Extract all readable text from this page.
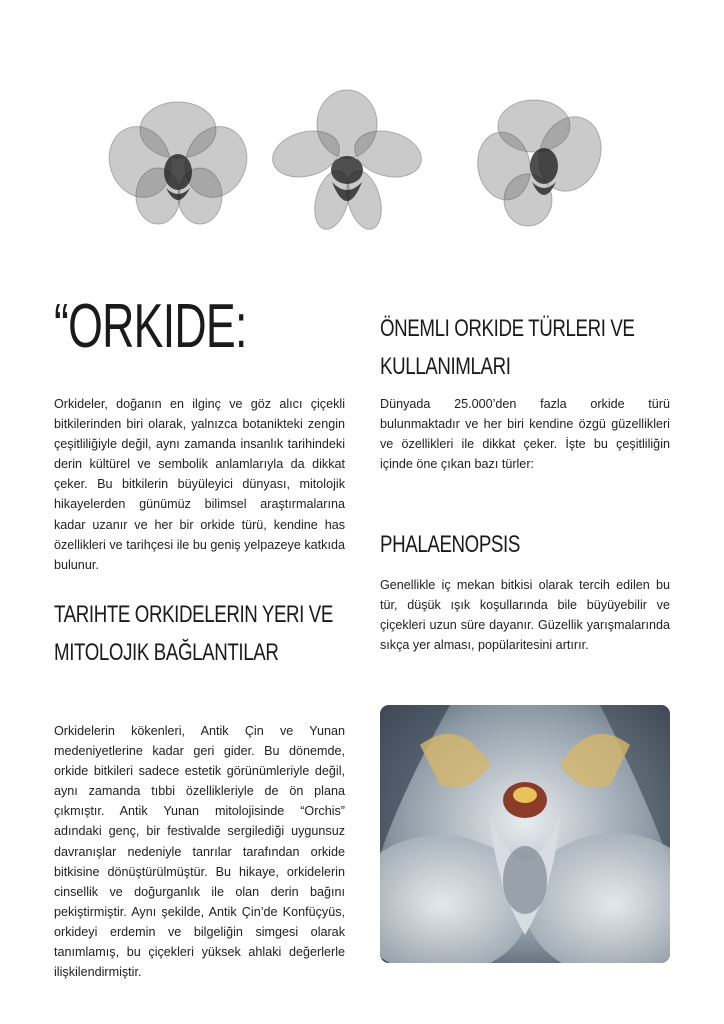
“ORKIDE:

Orkideler, doğanın en ilginç ve göz alıcı çiçekli bitkilerinden biri olarak, yalnızca botanikteki zengin çeşitliliğiyle değil, aynı zamanda insanlık tarihindeki derin kültürel ve sembolik anlamlarıyla da dikkat çeker. Bu bitkilerin büyüleyici dünyası, mitolojik hikayelerden günümüz bilimsel araştırmalarına kadar uzanır ve her bir orkide türü, kendine has özellikleri ve tarihçesi ile bu geniş yelpazeye katkıda bulunur.

TARIHTE ORKIDELERIN YERI VE MITOLOJIK BAĞLANTILAR

Orkidelerin kökenleri, Antik Çin ve Yunan medeniyetlerine kadar geri gider. Bu dönemde, orkide bitkileri sadece estetik görünümleriyle değil, aynı zamanda tıbbi özellikleriyle de ön plana çıkmıştır. Antik Yunan mitolojisinde “Orchis” adındaki genç, bir festivalde sergilediği uygunsuz davranışlar nedeniyle tanrılar tarafından orkide bitkisine dönüştürülmüştür. Bu hikaye, orkidelerin cinsellik ve doğurganlık ile olan derin bağını pekiştirmiştir. Aynı şekilde, Antik Çin’de Konfüçyüs, orkideyi erdemin ve bilgeliğin simgesi olarak tanımlamış, bu çiçekleri yüksek ahlaki değerlerle ilişkilendirmiştir.

ÖNEMLI ORKIDE TÜRLERI VE KULLANIMLARI

Dünyada 25.000’den fazla orkide türü bulunmaktadır ve her biri kendine özgü güzellikleri ve özellikleri ile dikkat çeker. İşte bu çeşitliliğin içinde öne çıkan bazı türler:

PHALAENOPSIS

Genellikle iç mekan bitkisi olarak tercih edilen bu tür, düşük ışık koşullarında bile büyüyebilir ve çiçekleri uzun süre dayanır. Güzellik yarışmalarında sıkça yer alması, popülaritesini artırır.
